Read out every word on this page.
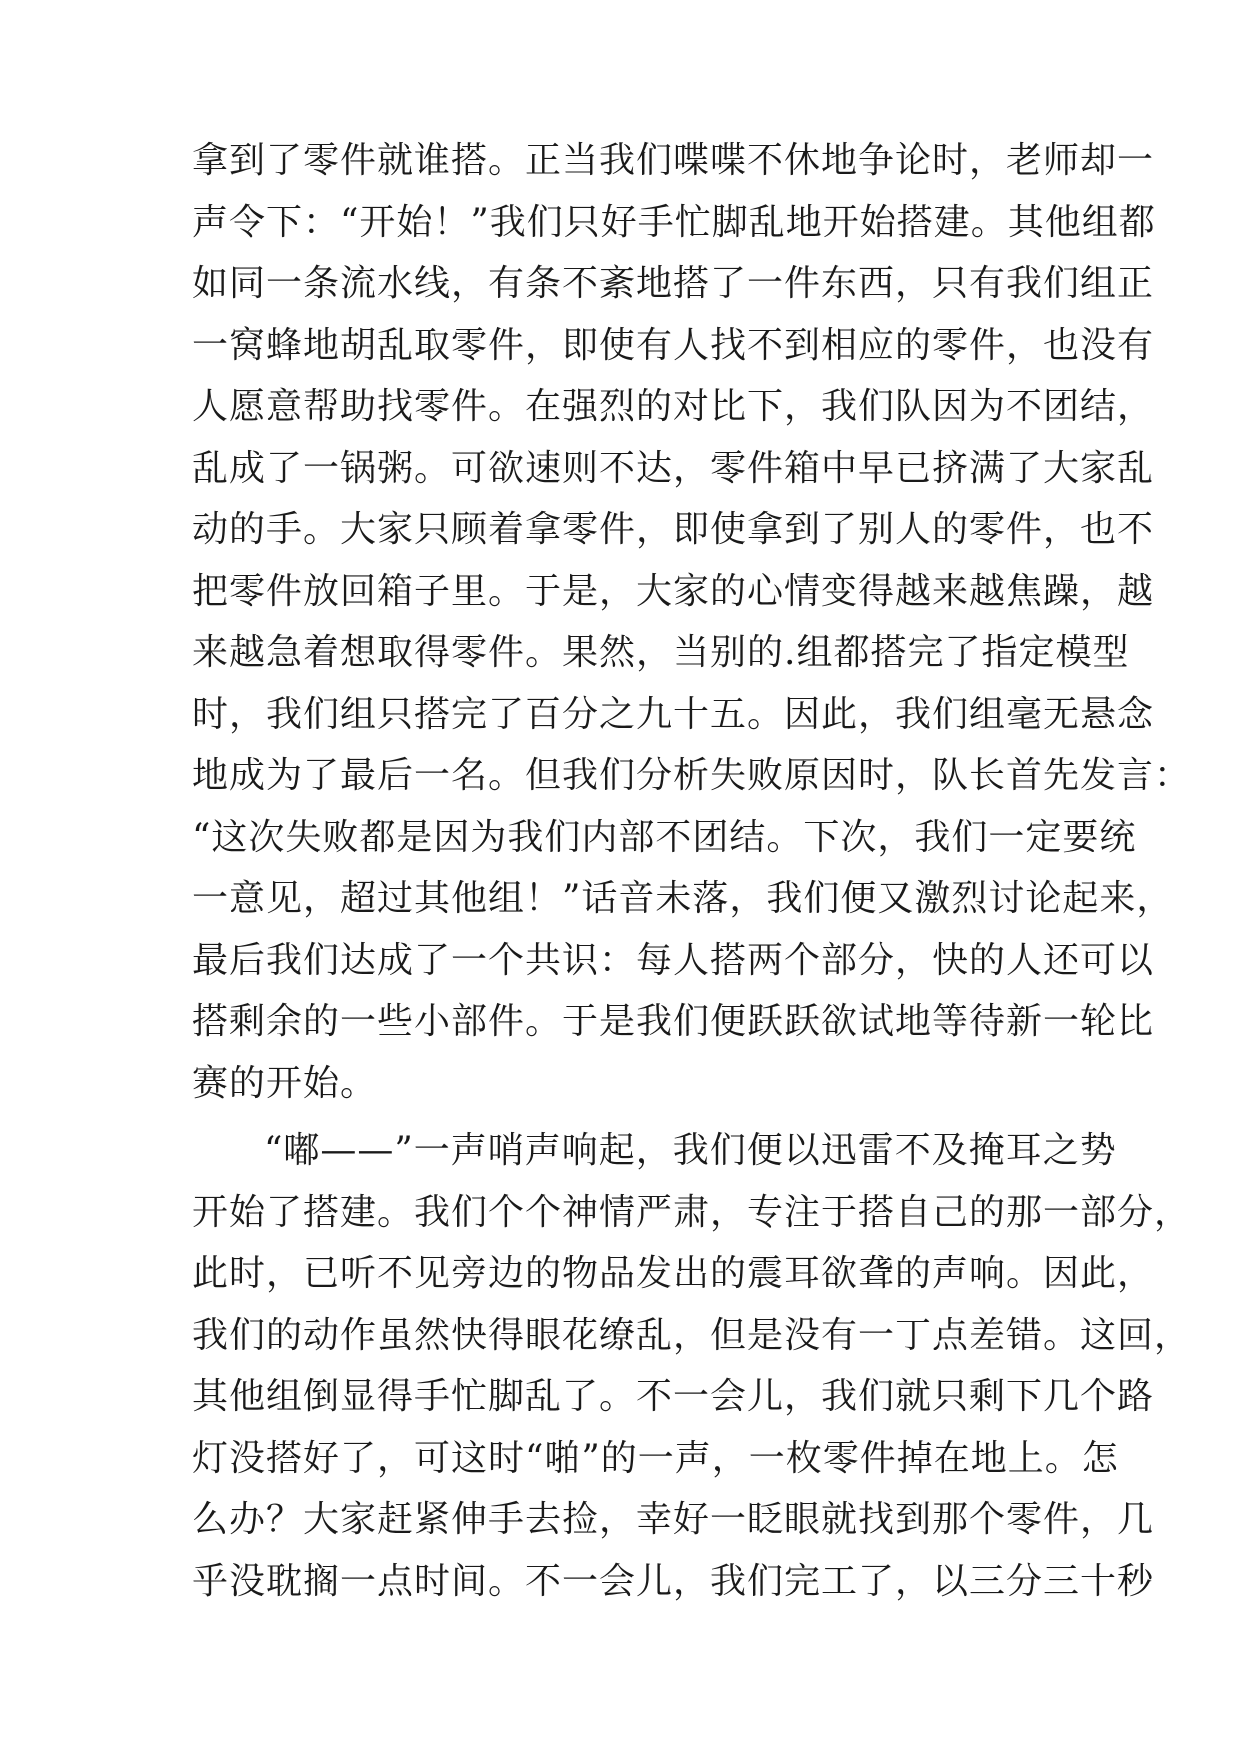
拿到了零件就谁搭。正当我们喋喋不休地争论时，老师却一
声令下：“开始！”我们只好手忙脚乱地开始搭建。其他组都
如同一条流水线，有条不紊地搭了一件东西，只有我们组正
一窝蜂地胡乱取零件，即使有人找不到相应的零件，也没有
人愿意帮助找零件。在强烈的对比下，我们队因为不团结，
乱成了一锅粥。可欲速则不达，零件箱中早已挤满了大家乱
动的手。大家只顾着拿零件，即使拿到了别人的零件，也不
把零件放回箱子里。于是，大家的心情变得越来越焦躁，越
来越急着想取得零件。果然，当别的.组都搭完了指定模型
时，我们组只搭完了百分之九十五。因此，我们组毫无悬念
地成为了最后一名。但我们分析失败原因时，队长首先发言：
“这次失败都是因为我们内部不团结。下次，我们一定要统
一意见，超过其他组！”话音未落，我们便又激烈讨论起来，
最后我们达成了一个共识：每人搭两个部分，快的人还可以
搭剩余的一些小部件。于是我们便跃跃欲试地等待新一轮比
赛的开始。
“嘟——”一声哨声响起，我们便以迅雷不及掩耳之势
开始了搭建。我们个个神情严肃，专注于搭自己的那一部分，
此时，已听不见旁边的物品发出的震耳欲聋的声响。因此，
我们的动作虽然快得眼花缭乱，但是没有一丁点差错。这回，
其他组倒显得手忙脚乱了。不一会儿，我们就只剩下几个路
灯没搭好了，可这时“啪”的一声，一枚零件掉在地上。怎
么办？大家赶紧伸手去捡，幸好一眨眼就找到那个零件，几
乎没耽搁一点时间。不一会儿，我们完工了，以三分三十秒
